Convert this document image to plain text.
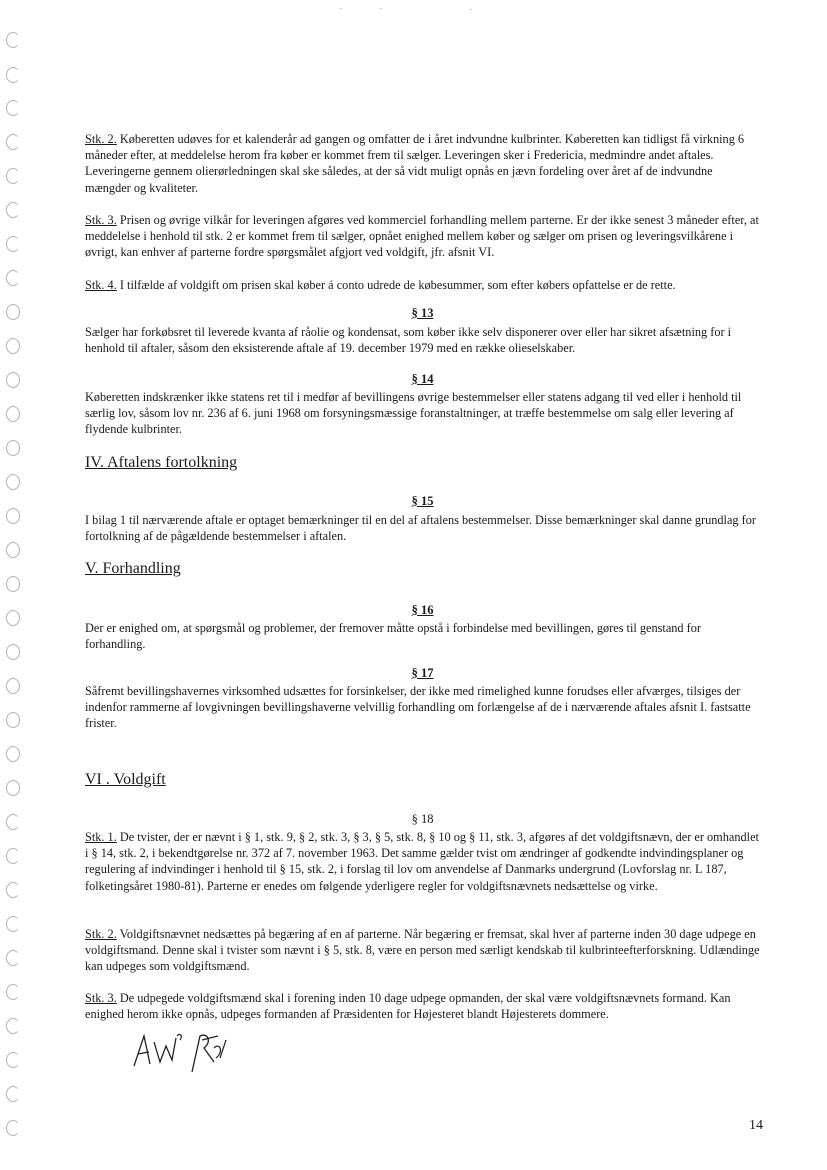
Stk. 2. Køberetten udøves for et kalenderår ad gangen og omfatter de i året indvundne kulbrinter. Køberetten kan tidligst få virkning 6 måneder efter, at meddelelse herom fra køber er kommet frem til sælger. Leveringen sker i Fredericia, medmindre andet aftales. Leveringerne gennem olierørledningen skal ske således, at der så vidt muligt opnås en jævn fordeling over året af de indvundne mængder og kvaliteter.
Stk. 3. Prisen og øvrige vilkår for leveringen afgøres ved kommerciel forhandling mellem parterne. Er der ikke senest 3 måneder efter, at meddelelse i henhold til stk. 2 er kommet frem til sælger, opnået enighed mellem køber og sælger om prisen og leveringsvilkårene i øvrigt, kan enhver af parterne fordre spørgsmålet afgjort ved voldgift, jfr. afsnit VI.
Stk. 4. I tilfælde af voldgift om prisen skal køber á conto udrede de købesummer, som efter købers opfattelse er de rette.
§ 13
Sælger har forkøbsret til leverede kvanta af råolie og kondensat, som køber ikke selv disponerer over eller har sikret afsætning for i henhold til aftaler, såsom den eksisterende aftale af 19. december 1979 med en række olieselskaber.
§ 14
Køberetten indskrænker ikke statens ret til i medfør af bevillingens øvrige bestemmelser eller statens adgang til ved eller i henhold til særlig lov, såsom lov nr. 236 af 6. juni 1968 om forsyningsmæssige foranstaltninger, at træffe bestemmelse om salg eller levering af flydende kulbrinter.
IV. Aftalens fortolkning
§ 15
I bilag 1 til nærværende aftale er optaget bemærkninger til en del af aftalens bestemmelser. Disse bemærkninger skal danne grundlag for fortolkning af de pågældende bestemmelser i aftalen.
V. Forhandling
§ 16
Der er enighed om, at spørgsmål og problemer, der fremover måtte opstå i forbindelse med bevillingen, gøres til genstand for forhandling.
§ 17
Såfremt bevillingshavernes virksomhed udsættes for forsinkelser, der ikke med rimelighed kunne forudses eller afværges, tilsiges der indenfor rammerne af lovgivningen bevillingshaverne velvillig forhandling om forlængelse af de i nærværende aftales afsnit I. fastsatte frister.
VI . Voldgift
§ 18
Stk. 1. De tvister, der er nævnt i § 1, stk. 9, § 2, stk. 3, § 3, § 5, stk. 8, § 10 og § 11, stk. 3, afgøres af det voldgiftsnævn, der er omhandlet i § 14, stk. 2, i bekendtgørelse nr. 372 af 7. november 1963. Det samme gælder tvist om ændringer af godkendte indvindingsplaner og regulering af indvindinger i henhold til § 15, stk. 2, i forslag til lov om anvendelse af Danmarks undergrund (Lovforslag nr. L 187, folketingsåret 1980-81). Parterne er enedes om følgende yderligere regler for voldgiftsnævnets nedsættelse og virke.
Stk. 2. Voldgiftsnævnet nedsættes på begæring af en af parterne. Når begæring er fremsat, skal hver af parterne inden 30 dage udpege en voldgiftsmand. Denne skal i tvister som nævnt i § 5, stk. 8, være en person med særligt kendskab til kulbrinteefterforskning. Udlændinge kan udpeges som voldgiftsmænd.
Stk. 3. De udpegede voldgiftsmænd skal i forening inden 10 dage udpege opmanden, der skal være voldgiftsnævnets formand. Kan enighed herom ikke opnås, udpeges formanden af Præsidenten for Højesteret blandt Højesterets dommere.
14
